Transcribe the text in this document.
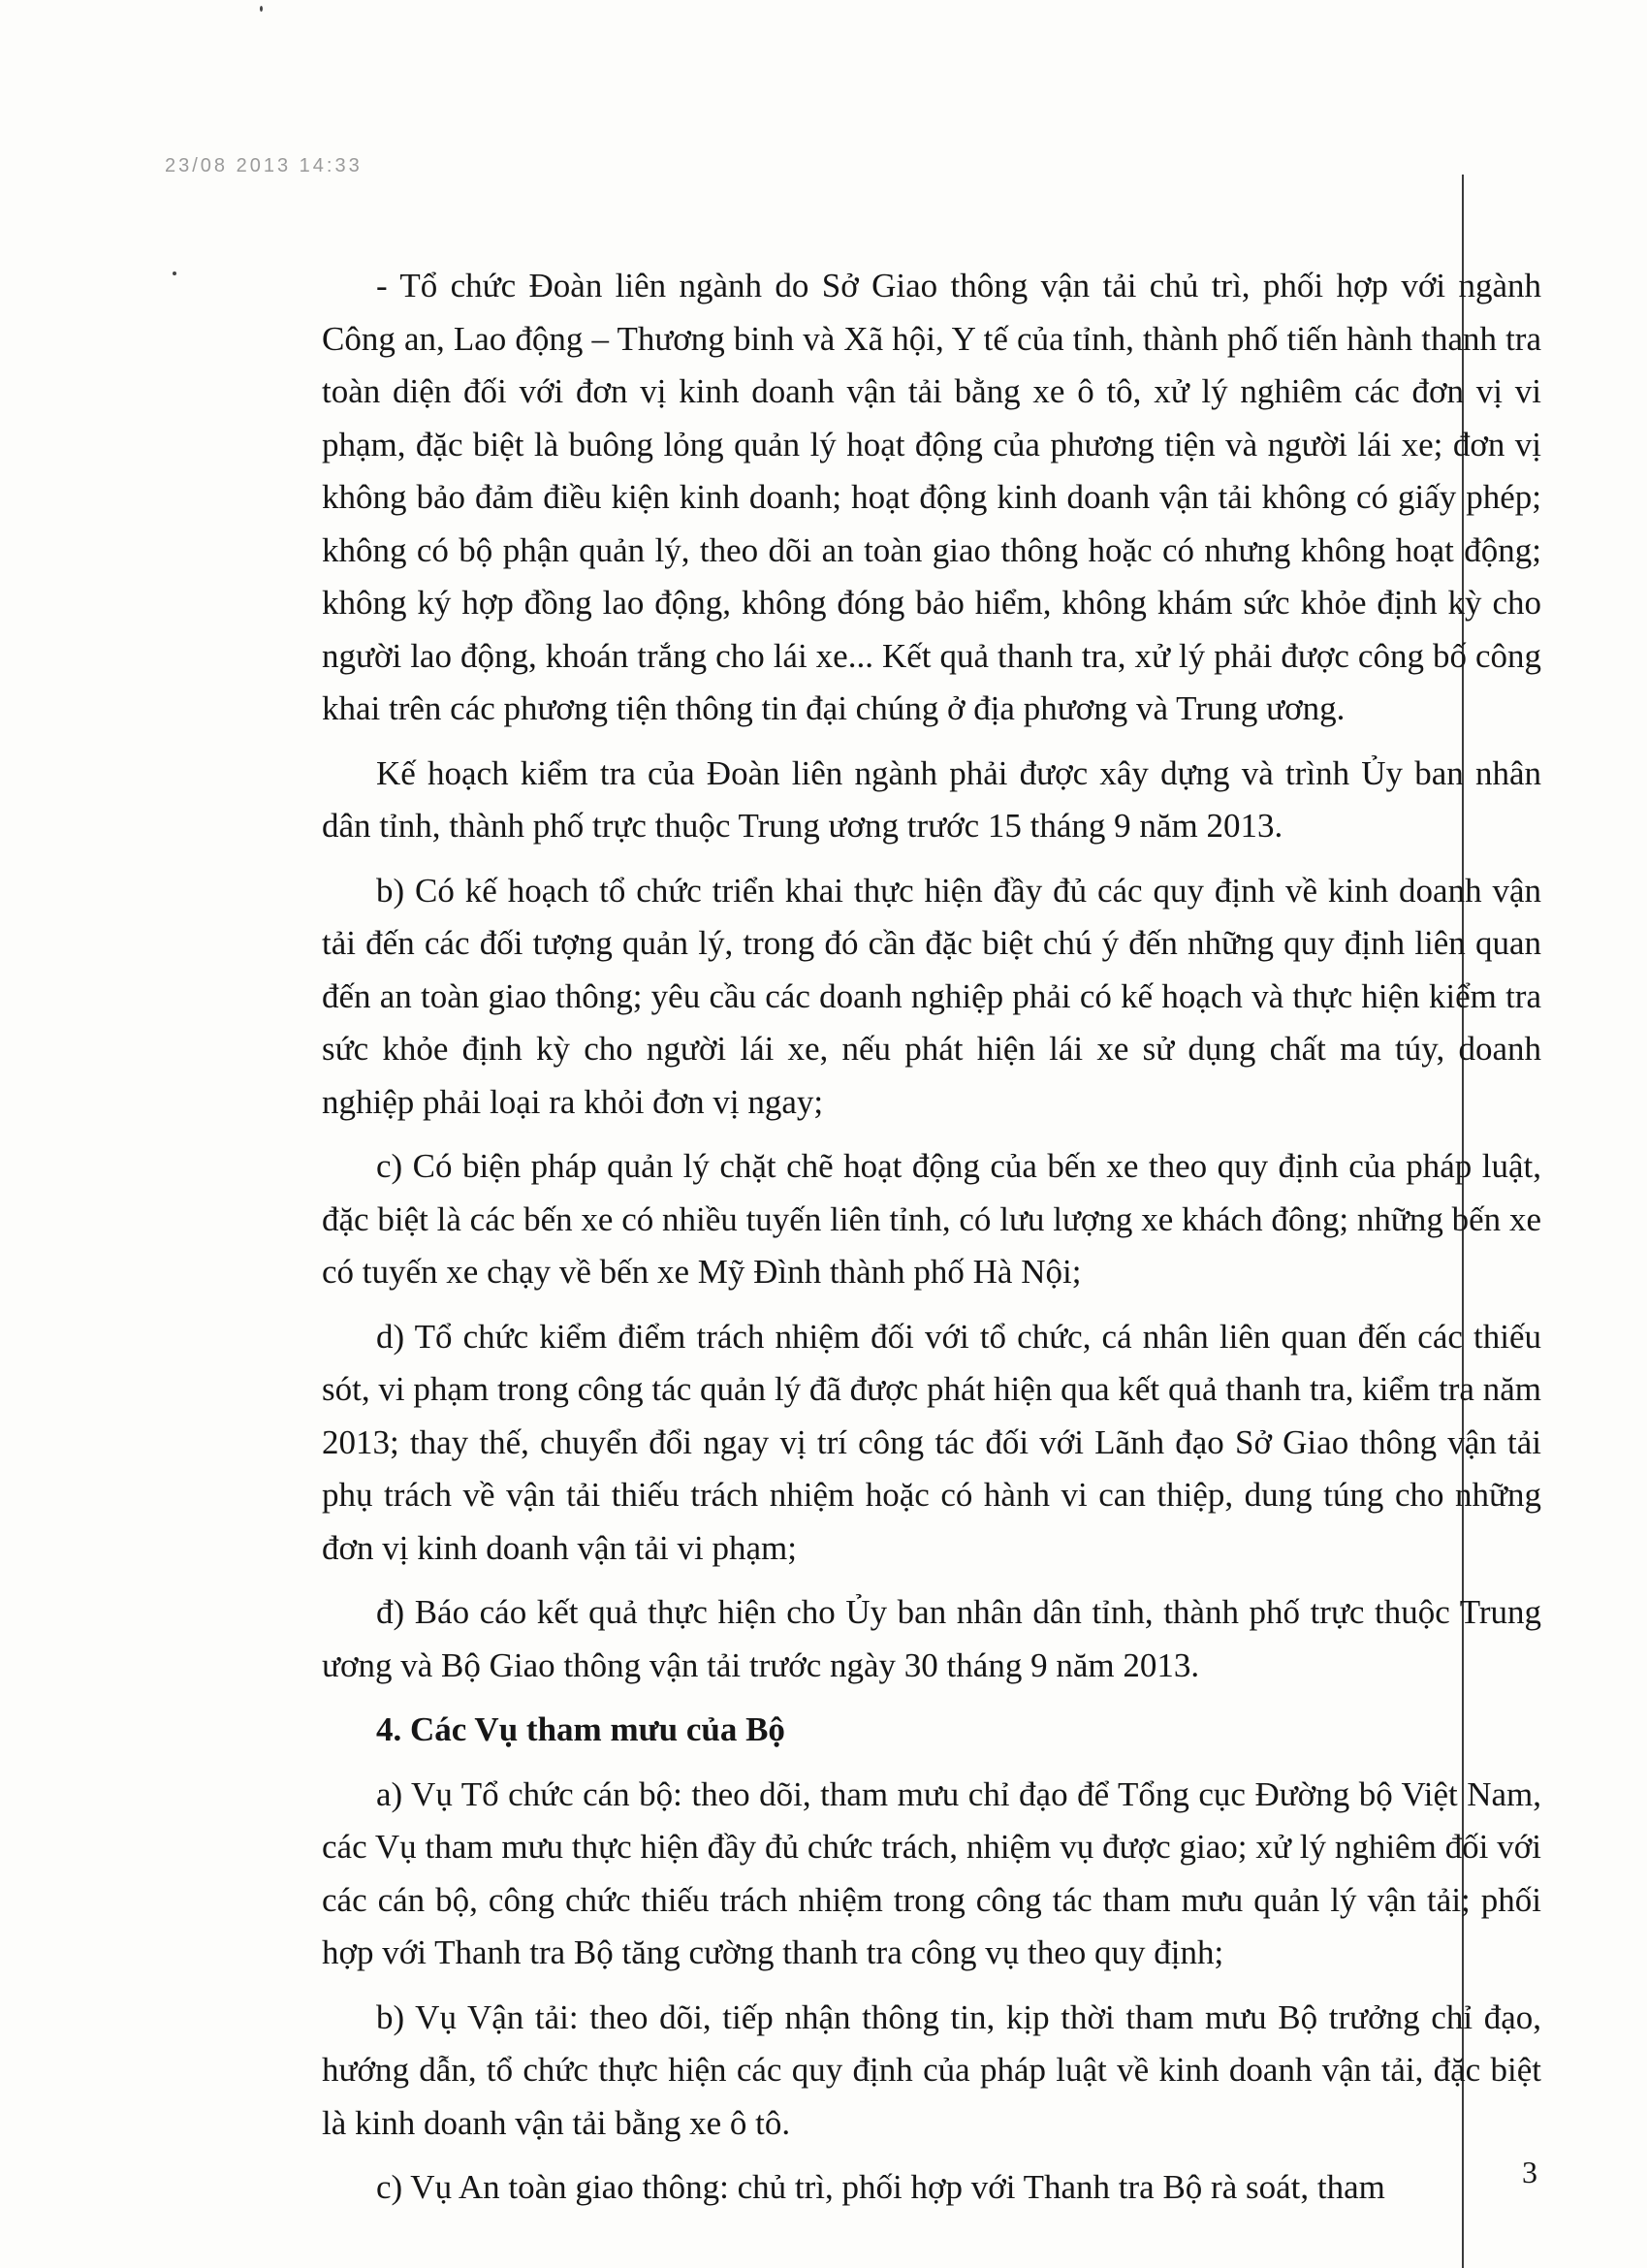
23/08 2013 14:33

- Tổ chức Đoàn liên ngành do Sở Giao thông vận tải chủ trì, phối hợp với ngành Công an, Lao động – Thương binh và Xã hội, Y tế của tỉnh, thành phố tiến hành thanh tra toàn diện đối với đơn vị kinh doanh vận tải bằng xe ô tô, xử lý nghiêm các đơn vị vi phạm, đặc biệt là buông lỏng quản lý hoạt động của phương tiện và người lái xe; đơn vị không bảo đảm điều kiện kinh doanh; hoạt động kinh doanh vận tải không có giấy phép; không có bộ phận quản lý, theo dõi an toàn giao thông hoặc có nhưng không hoạt động; không ký hợp đồng lao động, không đóng bảo hiểm, không khám sức khỏe định kỳ cho người lao động, khoán trắng cho lái xe... Kết quả thanh tra, xử lý phải được công bố công khai trên các phương tiện thông tin đại chúng ở địa phương và Trung ương.

Kế hoạch kiểm tra của Đoàn liên ngành phải được xây dựng và trình Ủy ban nhân dân tỉnh, thành phố trực thuộc Trung ương trước 15 tháng 9 năm 2013.

b) Có kế hoạch tổ chức triển khai thực hiện đầy đủ các quy định về kinh doanh vận tải đến các đối tượng quản lý, trong đó cần đặc biệt chú ý đến những quy định liên quan đến an toàn giao thông; yêu cầu các doanh nghiệp phải có kế hoạch và thực hiện kiểm tra sức khỏe định kỳ cho người lái xe, nếu phát hiện lái xe sử dụng chất ma túy, doanh nghiệp phải loại ra khỏi đơn vị ngay;

c) Có biện pháp quản lý chặt chẽ hoạt động của bến xe theo quy định của pháp luật, đặc biệt là các bến xe có nhiều tuyến liên tỉnh, có lưu lượng xe khách đông; những bến xe có tuyến xe chạy về bến xe Mỹ Đình thành phố Hà Nội;

d) Tổ chức kiểm điểm trách nhiệm đối với tổ chức, cá nhân liên quan đến các thiếu sót, vi phạm trong công tác quản lý đã được phát hiện qua kết quả thanh tra, kiểm tra năm 2013; thay thế, chuyển đổi ngay vị trí công tác đối với Lãnh đạo Sở Giao thông vận tải phụ trách về vận tải thiếu trách nhiệm hoặc có hành vi can thiệp, dung túng cho những đơn vị kinh doanh vận tải vi phạm;

đ) Báo cáo kết quả thực hiện cho Ủy ban nhân dân tỉnh, thành phố trực thuộc Trung ương và Bộ Giao thông vận tải trước ngày 30 tháng 9 năm 2013.

4. Các Vụ tham mưu của Bộ

a) Vụ Tổ chức cán bộ: theo dõi, tham mưu chỉ đạo để Tổng cục Đường bộ Việt Nam, các Vụ tham mưu thực hiện đầy đủ chức trách, nhiệm vụ được giao; xử lý nghiêm đối với các cán bộ, công chức thiếu trách nhiệm trong công tác tham mưu quản lý vận tải; phối hợp với Thanh tra Bộ tăng cường thanh tra công vụ theo quy định;

b) Vụ Vận tải: theo dõi, tiếp nhận thông tin, kịp thời tham mưu Bộ trưởng chỉ đạo, hướng dẫn, tổ chức thực hiện các quy định của pháp luật về kinh doanh vận tải, đặc biệt là kinh doanh vận tải bằng xe ô tô.

c) Vụ An toàn giao thông: chủ trì, phối hợp với Thanh tra Bộ rà soát, tham	3
